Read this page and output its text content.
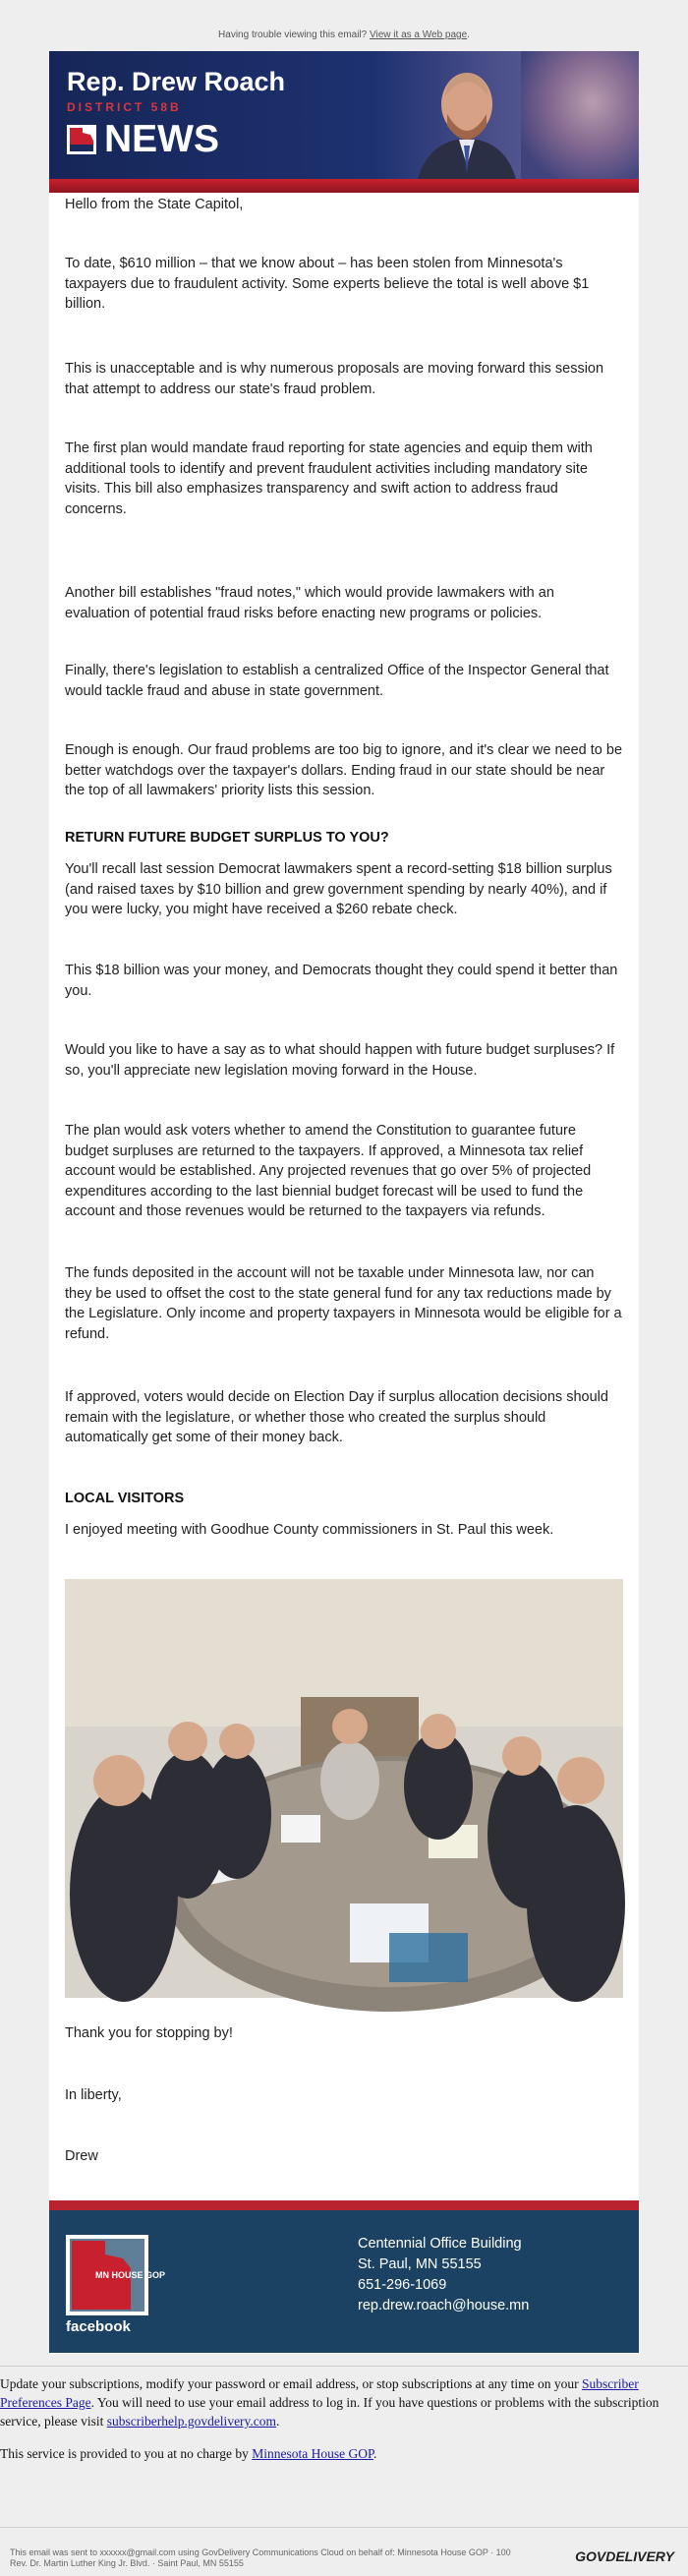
Having trouble viewing this email? View it as a Web page.
Rep. Drew Roach
DISTRICT 58B
NEWS

Hello from the State Capitol,

To date, $610 million – that we know about – has been stolen from Minnesota's taxpayers due to fraudulent activity. Some experts believe the total is well above $1 billion.

This is unacceptable and is why numerous proposals are moving forward this session that attempt to address our state's fraud problem.

The first plan would mandate fraud reporting for state agencies and equip them with additional tools to identify and prevent fraudulent activities including mandatory site visits. This bill also emphasizes transparency and swift action to address fraud concerns.

Another bill establishes "fraud notes," which would provide lawmakers with an evaluation of potential fraud risks before enacting new programs or policies.

Finally, there's legislation to establish a centralized Office of the Inspector General that would tackle fraud and abuse in state government.

Enough is enough. Our fraud problems are too big to ignore, and it's clear we need to be better watchdogs over the taxpayer's dollars. Ending fraud in our state should be near the top of all lawmakers' priority lists this session.

RETURN FUTURE BUDGET SURPLUS TO YOU?

You'll recall last session Democrat lawmakers spent a record-setting $18 billion surplus (and raised taxes by $10 billion and grew government spending by nearly 40%), and if you were lucky, you might have received a $260 rebate check.

This $18 billion was your money, and Democrats thought they could spend it better than you.

Would you like to have a say as to what should happen with future budget surpluses? If so, you'll appreciate new legislation moving forward in the House.

The plan would ask voters whether to amend the Constitution to guarantee future budget surpluses are returned to the taxpayers. If approved, a Minnesota tax relief account would be established. Any projected revenues that go over 5% of projected expenditures according to the last biennial budget forecast will be used to fund the account and those revenues would be returned to the taxpayers via refunds.

The funds deposited in the account will not be taxable under Minnesota law, nor can they be used to offset the cost to the state general fund for any tax reductions made by the Legislature. Only income and property taxpayers in Minnesota would be eligible for a refund.

If approved, voters would decide on Election Day if surplus allocation decisions should remain with the legislature, or whether those who created the surplus should automatically get some of their money back.

LOCAL VISITORS

I enjoyed meeting with Goodhue County commissioners in St. Paul this week.

Thank you for stopping by!

In liberty,

Drew

MN HOUSE GOP
facebook
Centennial Office Building
St. Paul, MN 55155
651-296-1069
rep.drew.roach@house.mn

Update your subscriptions, modify your password or email address, or stop subscriptions at any time on your Subscriber Preferences Page. You will need to use your email address to log in. If you have questions or problems with the subscription service, please visit subscriberhelp.govdelivery.com.

This service is provided to you at no charge by Minnesota House GOP.

This email was sent to xxxxxx@gmail.com using GovDelivery Communications Cloud on behalf of: Minnesota House GOP · 100
Rev. Dr. Martin Luther King Jr. Blvd. · Saint Paul, MN 55155	GOVDELIVERY
